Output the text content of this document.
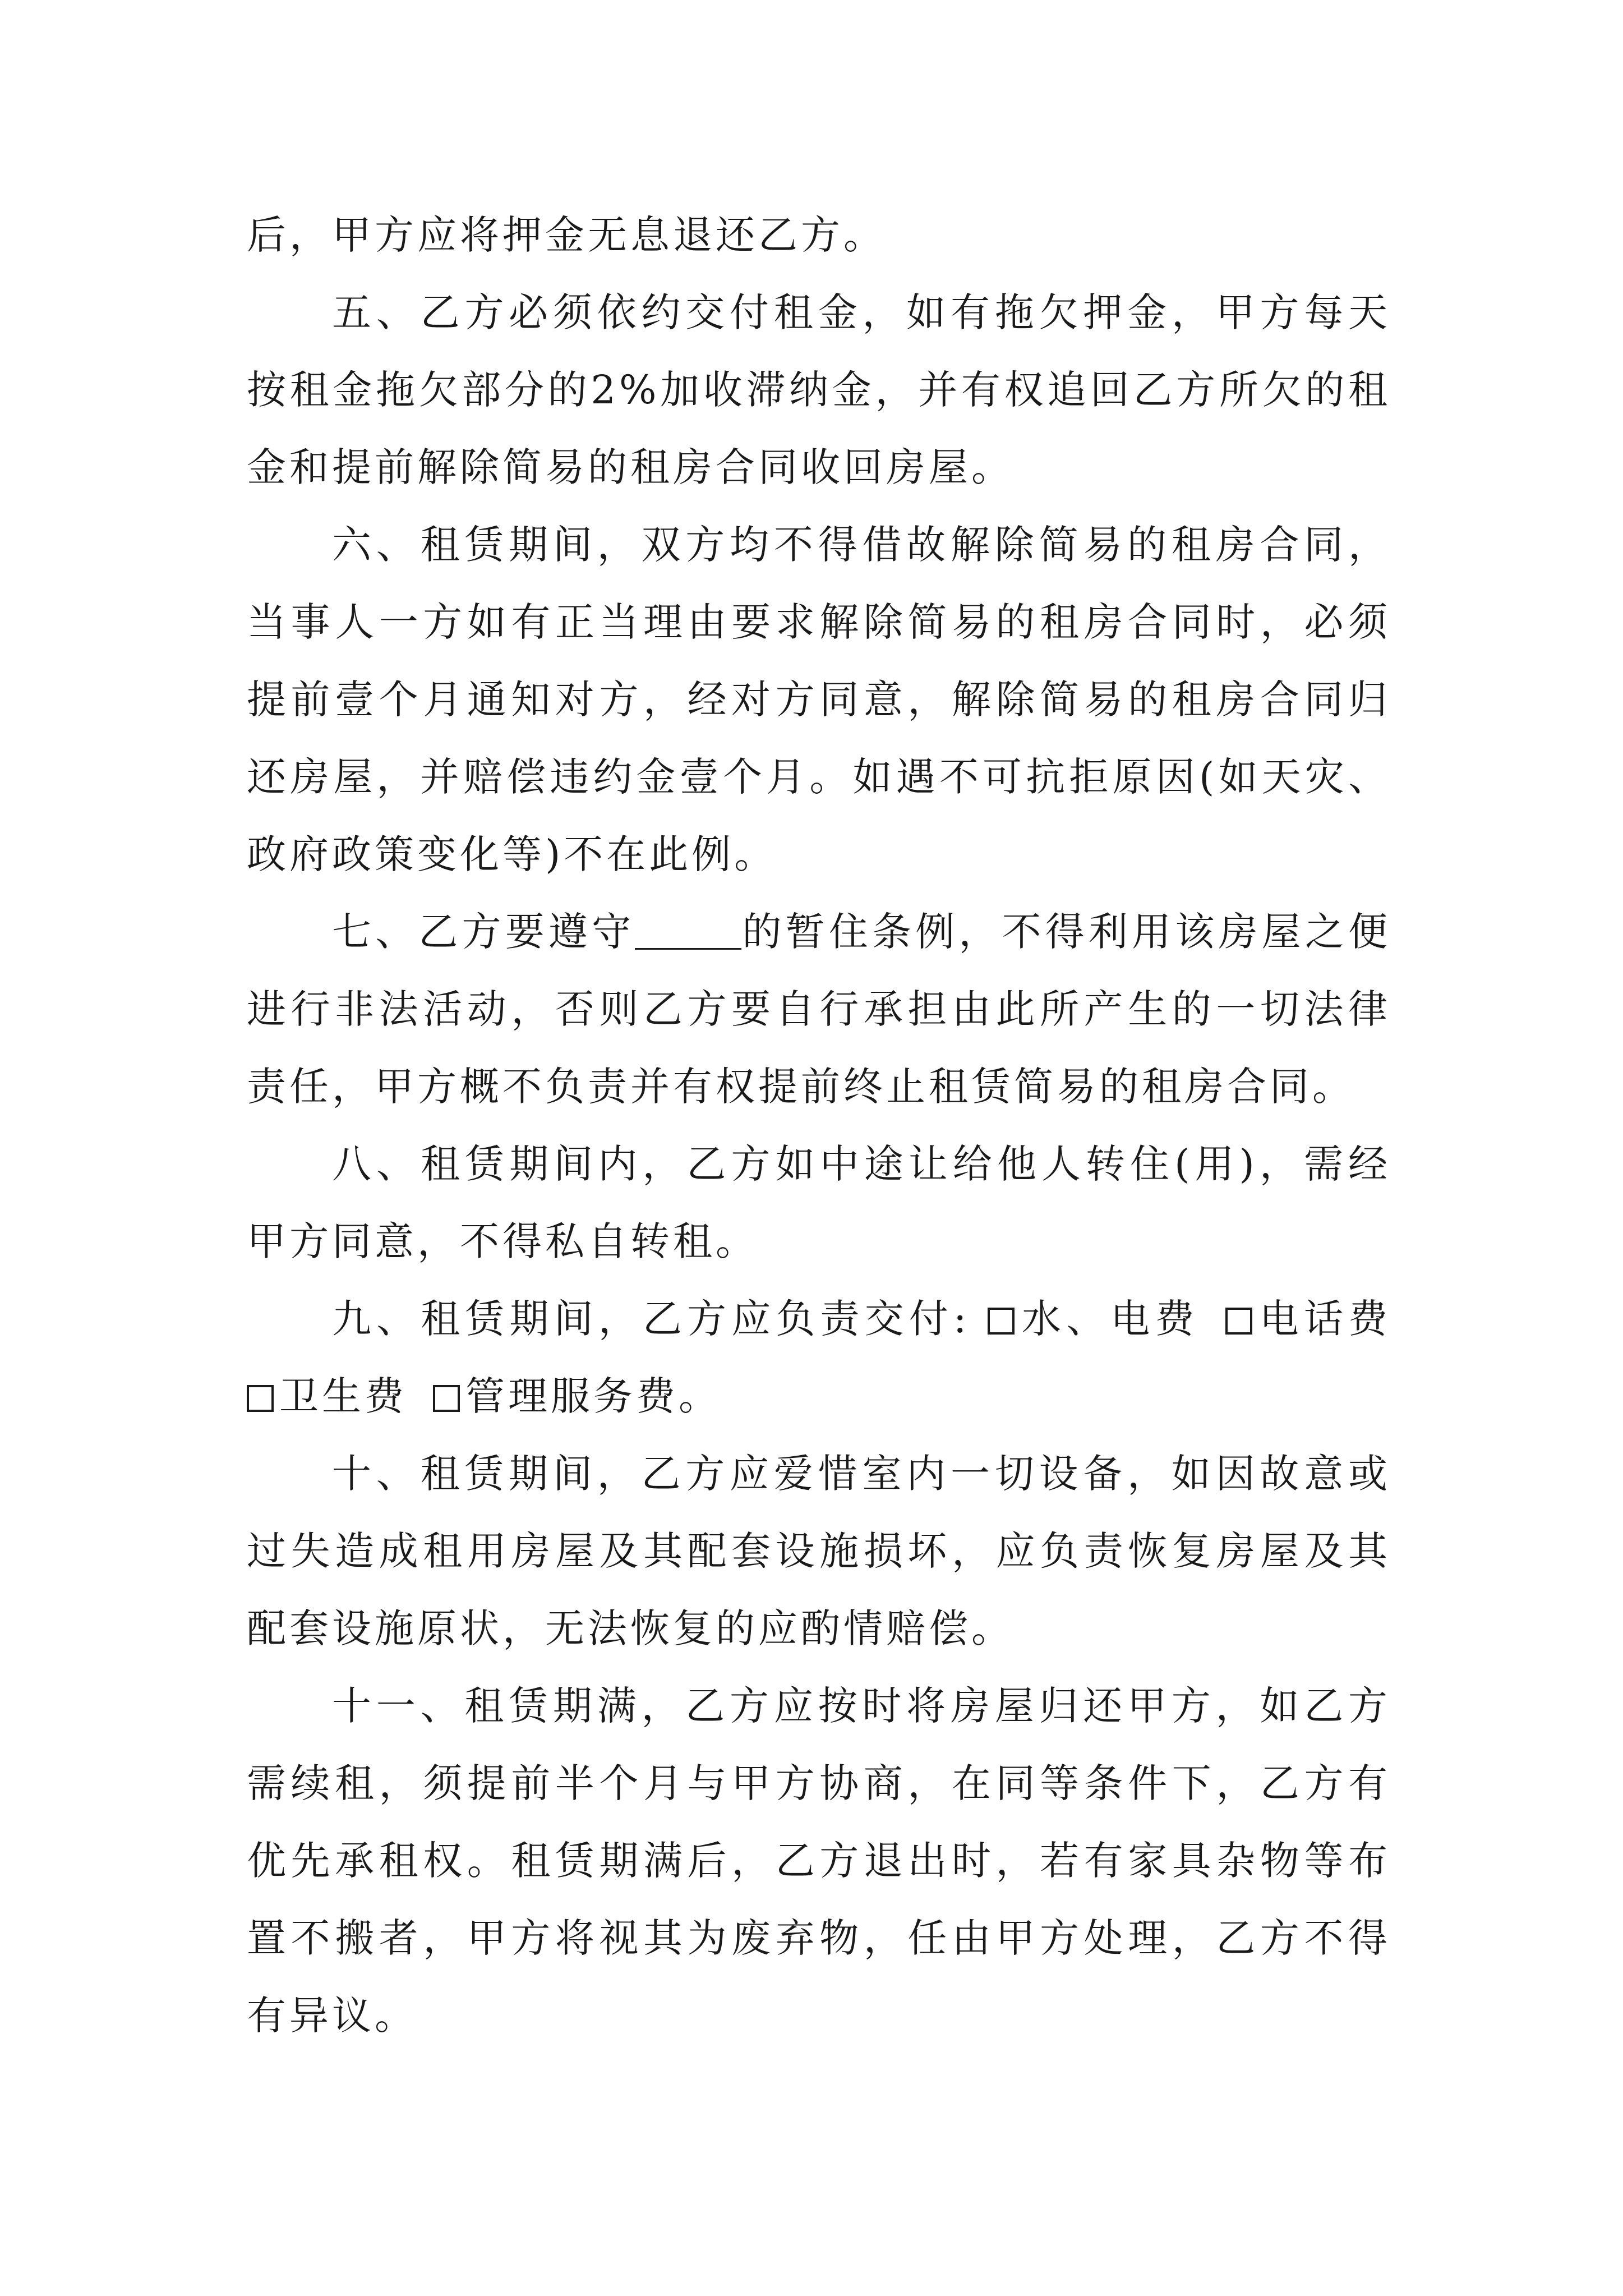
后，甲方应将押金无息退还乙方。

五、乙方必须依约交付租金，如有拖欠押金，甲方每天按租金拖欠部分的2%加收滞纳金，并有权追回乙方所欠的租金和提前解除简易的租房合同收回房屋。

六、租赁期间，双方均不得借故解除简易的租房合同，当事人一方如有正当理由要求解除简易的租房合同时，必须提前壹个月通知对方，经对方同意，解除简易的租房合同归还房屋，并赔偿违约金壹个月。如遇不可抗拒原因(如天灾、政府政策变化等)不在此例。

七、乙方要遵守	的暂住条例，不得利用该房屋之便进行非法活动，否则乙方要自行承担由此所产生的一切法律责任，甲方概不负责并有权提前终止租赁简易的租房合同。

八、租赁期间内，乙方如中途让给他人转住(用)，需经甲方同意，不得私自转租。

九、租赁期间，乙方应负责交付: 水、电费 电话费卫生费 管理服务费。

十、租赁期间，乙方应爱惜室内一切设备，如因故意或过失造成租用房屋及其配套设施损坏，应负责恢复房屋及其配套设施原状，无法恢复的应酌情赔偿。

十一、租赁期满，乙方应按时将房屋归还甲方，如乙方需续租，须提前半个月与甲方协商，在同等条件下，乙方有优先承租权。租赁期满后，乙方退出时，若有家具杂物等布置不搬者，甲方将视其为废弃物，任由甲方处理，乙方不得有异议。
